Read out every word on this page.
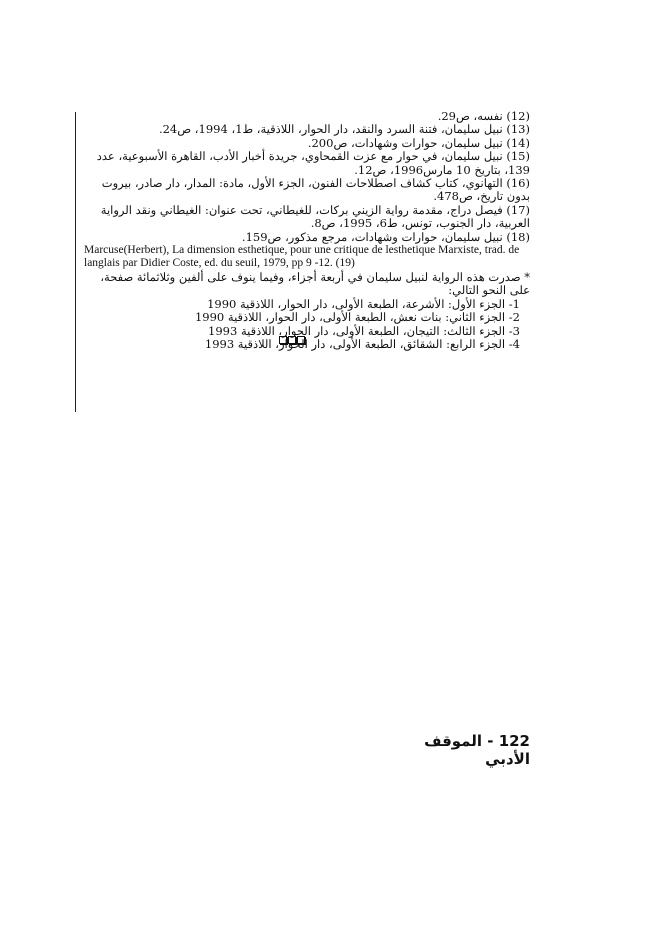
(12) نفسه، ص29.

(13) نبيل سليمان، فتنة السرد والنقد، دار الحوار، اللاذقية، ط1، 1994، ص24.

(14) نبيل سليمان، حوارات وشهادات، ص200.

(15) نبيل سليمان، في حوار مع عزت القمحاوي، جريدة أخبار الأدب، القاهرة الأسبوعية، عدد 139، بتاريخ 10 مارس1996، ص12.

(16) التهانوي، كتاب كشاف اصطلاحات الفنون، الجزء الأول، مادة: المدار، دار صادر، بيروت بدون تاريخ، ص478.

(17) فيصل دراج، مقدمة رواية الزيني بركات، للغيطاني، تحت عنوان: الغيطاني ونقد الرواية العربية، دار الجنوب، تونس، ط6، 1995، ص8.

(18) نبيل سليمان، حوارات وشهادات، مرجع مذكور، ص159.

Marcuse(Herbert), La dimension esthetique, pour une critique de lesthetique Marxiste, trad. de langlais par Didier Coste, ed. du seuil, 1979, pp 9 -12. (19)

* صدرت هذه الرواية لنبيل سليمان في أربعة أجزاء، وفيما ينوف على ألفين وثلاثمائة صفحة، على النحو التالي:

1- الجزء الأول: الأشرعة، الطبعة الأولى، دار الحوار، اللاذقية 1990

2- الجزء الثاني: بنات نعش، الطبعة الأولى، دار الحوار، اللاذقية 1990

3- الجزء الثالث: التيجان، الطبعة الأولى، دار الحوار، اللاذقية 1993

4- الجزء الرابع: الشقائق، الطبعة الأولى، دار الحوار، اللاذقية 1993

122 - الموقف الأدبي
